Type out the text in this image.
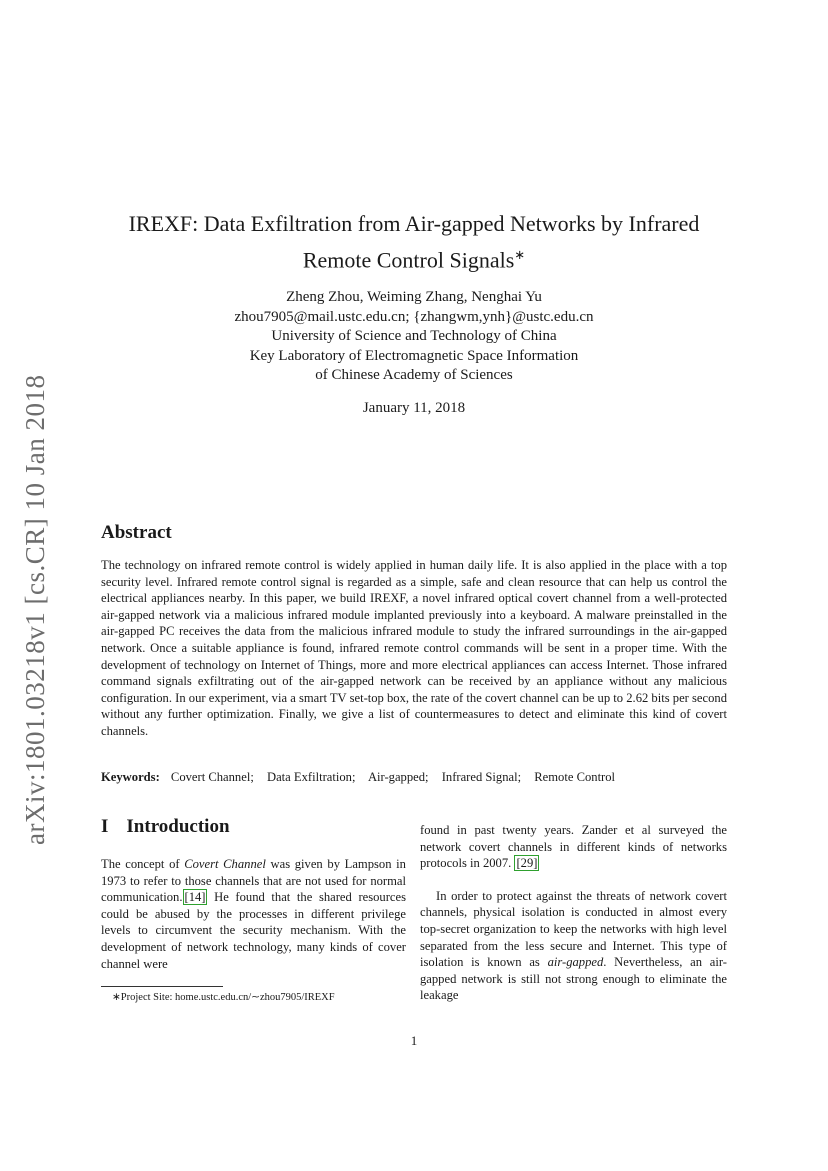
arXiv:1801.03218v1 [cs.CR] 10 Jan 2018
IREXF: Data Exfiltration from Air-gapped Networks by Infrared
Remote Control Signals∗
Zheng Zhou, Weiming Zhang, Nenghai Yu
zhou7905@mail.ustc.edu.cn; {zhangwm,ynh}@ustc.edu.cn
University of Science and Technology of China
Key Laboratory of Electromagnetic Space Information
of Chinese Academy of Sciences
January 11, 2018
Abstract
The technology on infrared remote control is widely applied in human daily life. It is also applied in the place with a top security level. Infrared remote control signal is regarded as a simple, safe and clean resource that can help us control the electrical appliances nearby. In this paper, we build IREXF, a novel infrared optical covert channel from a well-protected air-gapped network via a malicious infrared module implanted previously into a keyboard. A malware preinstalled in the air-gapped PC receives the data from the malicious infrared module to study the infrared surroundings in the air-gapped network. Once a suitable appliance is found, infrared remote control commands will be sent in a proper time. With the development of technology on Internet of Things, more and more electrical appliances can access Internet. Those infrared command signals exfiltrating out of the air-gapped network can be received by an appliance without any malicious configuration. In our experiment, via a smart TV set-top box, the rate of the covert channel can be up to 2.62 bits per second without any further optimization. Finally, we give a list of countermeasures to detect and eliminate this kind of covert channels.
Keywords: Covert Channel; Data Exfiltration; Air-gapped; Infrared Signal; Remote Control
I Introduction

The concept of Covert Channel was given by Lampson in 1973 to refer to those channels that are not used for normal communication. [14] He found that the shared resources could be abused by the processes in different privilege levels to circumvent the security mechanism. With the development of network technology, many kinds of cover channel were

found in past twenty years. Zander et al surveyed the network covert channels in different kinds of networks protocols in 2007. [29]

In order to protect against the threats of network covert channels, physical isolation is conducted in almost every top-secret organization to keep the networks with high level separated from the less secure and Internet. This type of isolation is known as air-gapped. Nevertheless, an air-gapped network is still not strong enough to eliminate the leakage

∗Project Site: home.ustc.edu.cn/∼zhou7905/IREXF
1
